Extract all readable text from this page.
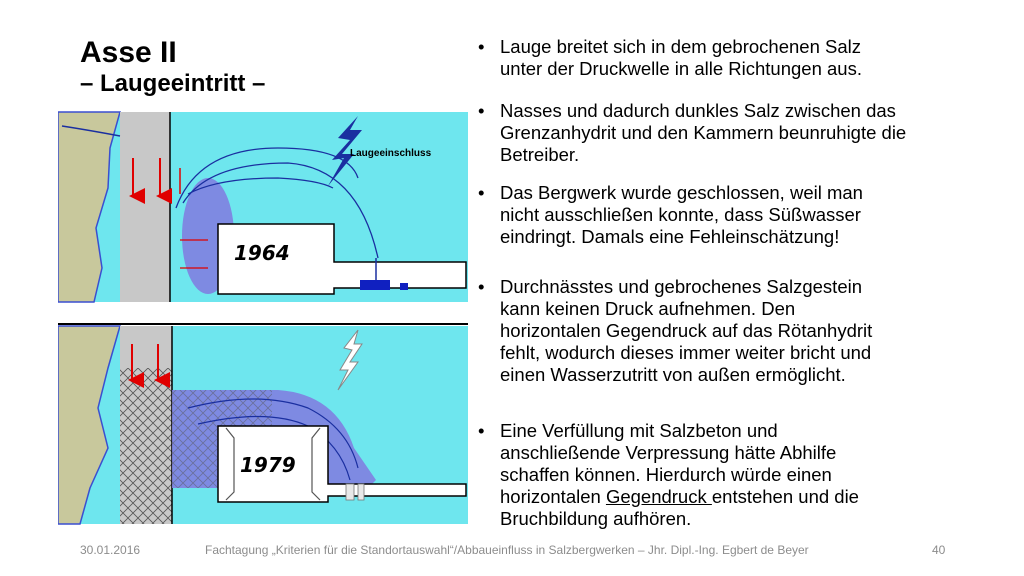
Asse II
– Laugeeintritt –
Laugeeinschluss
1964
1979
• Lauge breitet sich in dem gebrochenen Salz
unter der Druckwelle in alle Richtungen aus.
• Nasses und dadurch dunkles Salz zwischen das
Grenzanhydrit und den Kammern beunruhigte die
Betreiber.
• Das Bergwerk wurde geschlossen, weil man
nicht ausschließen konnte, dass Süßwasser
eindringt. Damals eine Fehleinschätzung!
• Durchnässtes und gebrochenes Salzgestein
kann keinen Druck aufnehmen. Den
horizontalen Gegendruck auf das Rötanhydrit
fehlt, wodurch dieses immer weiter bricht und
einen Wasserzutritt von außen ermöglicht.
• Eine Verfüllung mit Salzbeton und
anschließende Verpressung hätte Abhilfe
schaffen können. Hierdurch würde einen
horizontalen Gegendruck entstehen und die
Bruchbildung aufhören.
30.01.2016	Fachtagung „Kriterien für die Standortauswahl“/Abbaueinfluss in Salzbergwerken – Jhr. Dipl.-Ing. Egbert de Beyer	40
